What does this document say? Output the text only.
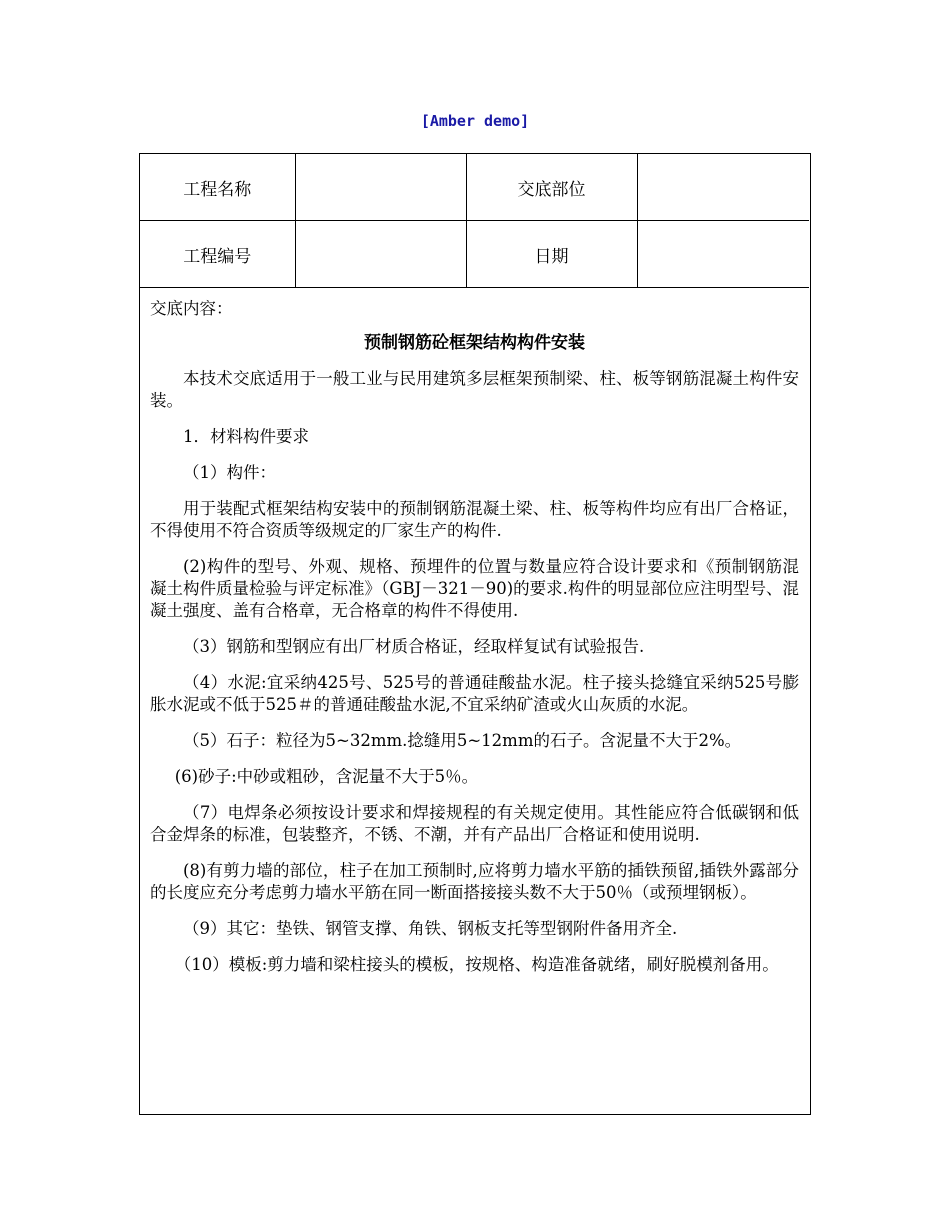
[Amber demo]
工程名称		交底部位	
工程编号		日期	
交底内容：
预制钢筋砼框架结构构件安装

本技术交底适用于一般工业与民用建筑多层框架预制梁、柱、板等钢筋混凝土构件安装。

1．材料构件要求

（1）构件：

用于装配式框架结构安装中的预制钢筋混凝土梁、柱、板等构件均应有出厂合格证，不得使用不符合资质等级规定的厂家生产的构件.

(2)构件的型号、外观、规格、预埋件的位置与数量应符合设计要求和《预制钢筋混凝土构件质量检验与评定标准》（GBJ－321－90)的要求.构件的明显部位应注明型号、混凝土强度、盖有合格章，无合格章的构件不得使用.

（3）钢筋和型钢应有出厂材质合格证，经取样复试有试验报告.

（4）水泥:宜采纳425号、525号的普通硅酸盐水泥。柱子接头捻缝宜采纳525号膨胀水泥或不低于525＃的普通硅酸盐水泥,不宜采纳矿渣或火山灰质的水泥。

（5）石子：粒径为5~32mm.捻缝用5~12mm的石子。含泥量不大于2%。

(6)砂子:中砂或粗砂，含泥量不大于5％。

（7）电焊条必须按设计要求和焊接规程的有关规定使用。其性能应符合低碳钢和低合金焊条的标准，包装整齐，不锈、不潮，并有产品出厂合格证和使用说明.

(8)有剪力墙的部位，柱子在加工预制时,应将剪力墙水平筋的插铁预留,插铁外露部分的长度应充分考虑剪力墙水平筋在同一断面搭接接头数不大于50％（或预埋钢板）。

（9）其它：垫铁、钢管支撑、角铁、钢板支托等型钢附件备用齐全.

（10）模板:剪力墙和梁柱接头的模板，按规格、构造准备就绪，刷好脱模剂备用。
